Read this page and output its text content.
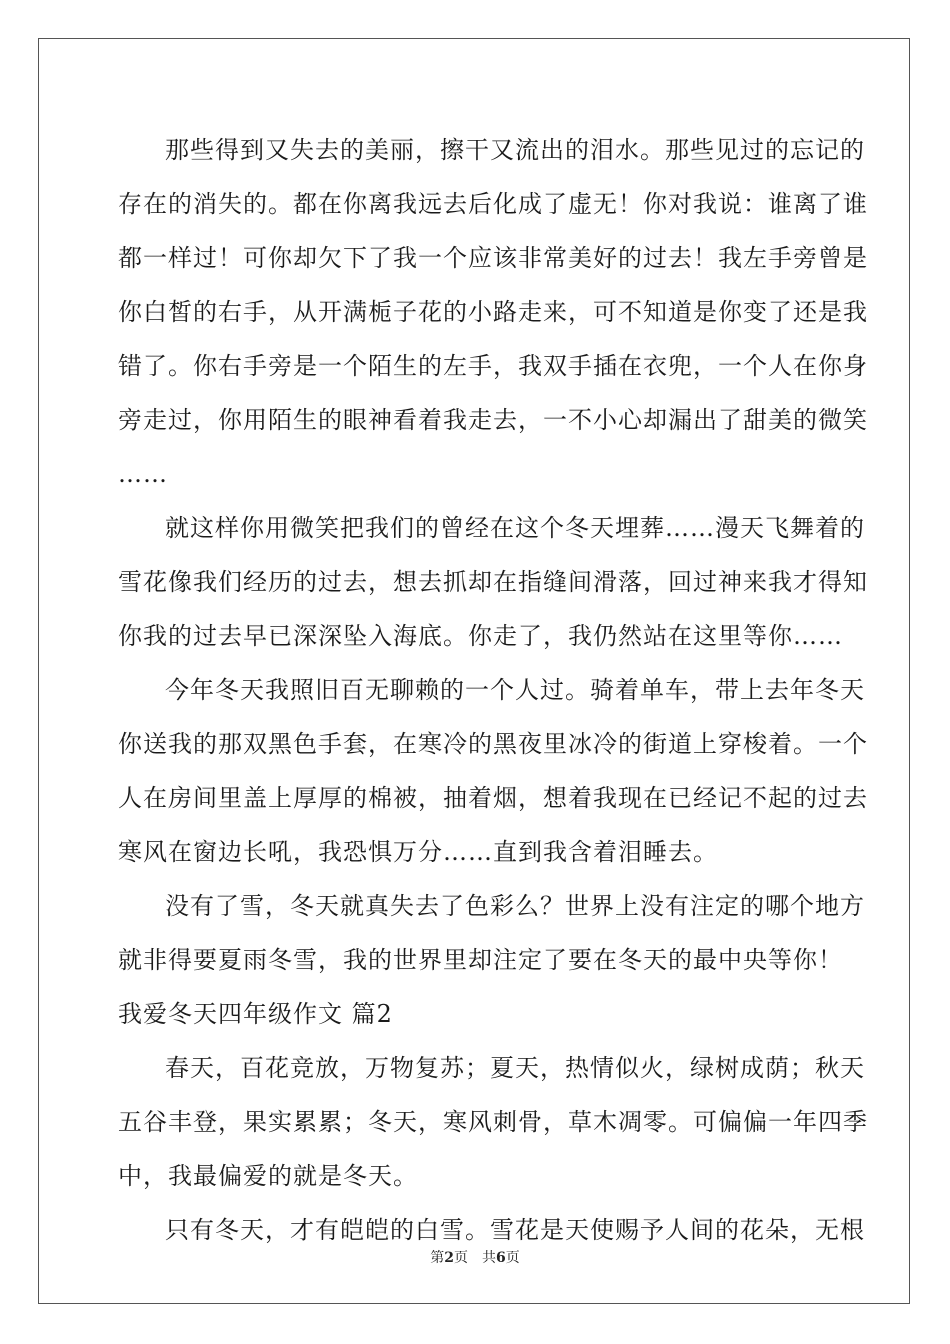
那些得到又失去的美丽，擦干又流出的泪水。那些见过的忘记的
存在的消失的。都在你离我远去后化成了虚无！你对我说：谁离了谁
都一样过！可你却欠下了我一个应该非常美好的过去！我左手旁曾是
你白皙的右手，从开满栀子花的小路走来，可不知道是你变了还是我
错了。你右手旁是一个陌生的左手，我双手插在衣兜，一个人在你身
旁走过，你用陌生的眼神看着我走去，一不小心却漏出了甜美的微笑
……
就这样你用微笑把我们的曾经在这个冬天埋葬……漫天飞舞着的
雪花像我们经历的过去，想去抓却在指缝间滑落，回过神来我才得知
你我的过去早已深深坠入海底。你走了，我仍然站在这里等你……
今年冬天我照旧百无聊赖的一个人过。骑着单车，带上去年冬天
你送我的那双黑色手套，在寒冷的黑夜里冰冷的街道上穿梭着。一个
人在房间里盖上厚厚的棉被，抽着烟，想着我现在已经记不起的过去
寒风在窗边长吼，我恐惧万分……直到我含着泪睡去。
没有了雪，冬天就真失去了色彩么？世界上没有注定的哪个地方
就非得要夏雨冬雪，我的世界里却注定了要在冬天的最中央等你！
我爱冬天四年级作文 篇2
春天，百花竞放，万物复苏；夏天，热情似火，绿树成荫；秋天
五谷丰登，果实累累；冬天，寒风刺骨，草木凋零。可偏偏一年四季
中，我最偏爱的就是冬天。
只有冬天，才有皑皑的白雪。雪花是天使赐予人间的花朵，无根
第2页　共6页
